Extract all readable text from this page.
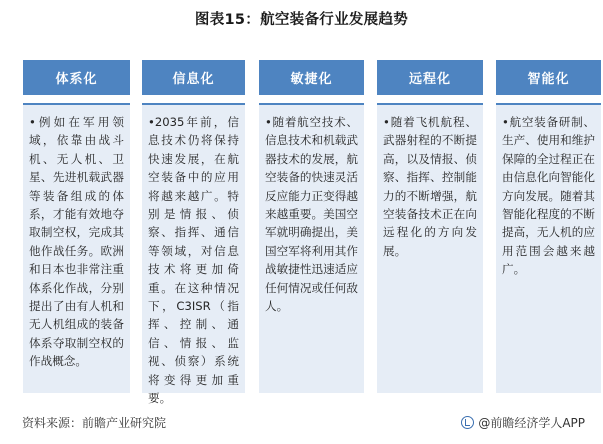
图表15：航空装备行业发展趋势
体系化
•例如在军用领域，依靠由战斗机、无人机、卫星、先进机载武器等装备组成的体系，才能有效地夺取制空权，完成其他作战任务。欧洲和日本也非常注重体系化作战，分别提出了由有人机和无人机组成的装备体系夺取制空权的作战概念。
信息化
•2035年前，信息技术仍将保持快速发展，在航空装备中的应用将越来越广。特别是情报、侦察、指挥、通信等领域，对信息技术将更加倚重。在这种情况下，C3ISR（指挥、控制、通信、情报、监视、侦察）系统将变得更加重要。
敏捷化
•随着航空技术、信息技术和机载武器技术的发展，航空装备的快速灵活反应能力正变得越来越重要。美国空军就明确提出，美国空军将利用其作战敏捷性迅速适应任何情况或任何敌人。
远程化
•随着飞机航程、武器射程的不断提高，以及情报、侦察、指挥、控制能力的不断增强，航空装备技术正在向远程化的方向发展。
智能化
•航空装备研制、生产、使用和维护保障的全过程正在由信息化向智能化方向发展。随着其智能化程度的不断提高，无人机的应用范围会越来越广。
资料来源：前瞻产业研究院	@前瞻经济学人APP
